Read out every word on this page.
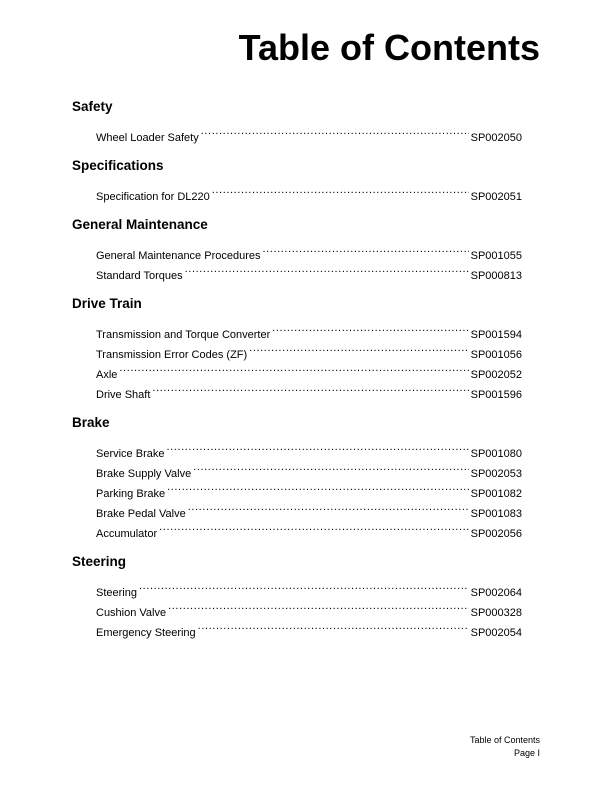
Table of Contents
Safety
Wheel Loader Safety .....	SP002050
Specifications
Specification for DL220 .....	SP002051
General Maintenance
General Maintenance Procedures .....	SP001055
Standard Torques .....	SP000813
Drive Train
Transmission and Torque Converter .....	SP001594
Transmission Error Codes (ZF) .....	SP001056
Axle .....	SP002052
Drive Shaft .....	SP001596
Brake
Service Brake .....	SP001080
Brake Supply Valve .....	SP002053
Parking Brake .....	SP001082
Brake Pedal Valve .....	SP001083
Accumulator .....	SP002056
Steering
Steering .....	SP002064
Cushion Valve .....	SP000328
Emergency Steering .....	SP002054
Table of Contents
Page I
